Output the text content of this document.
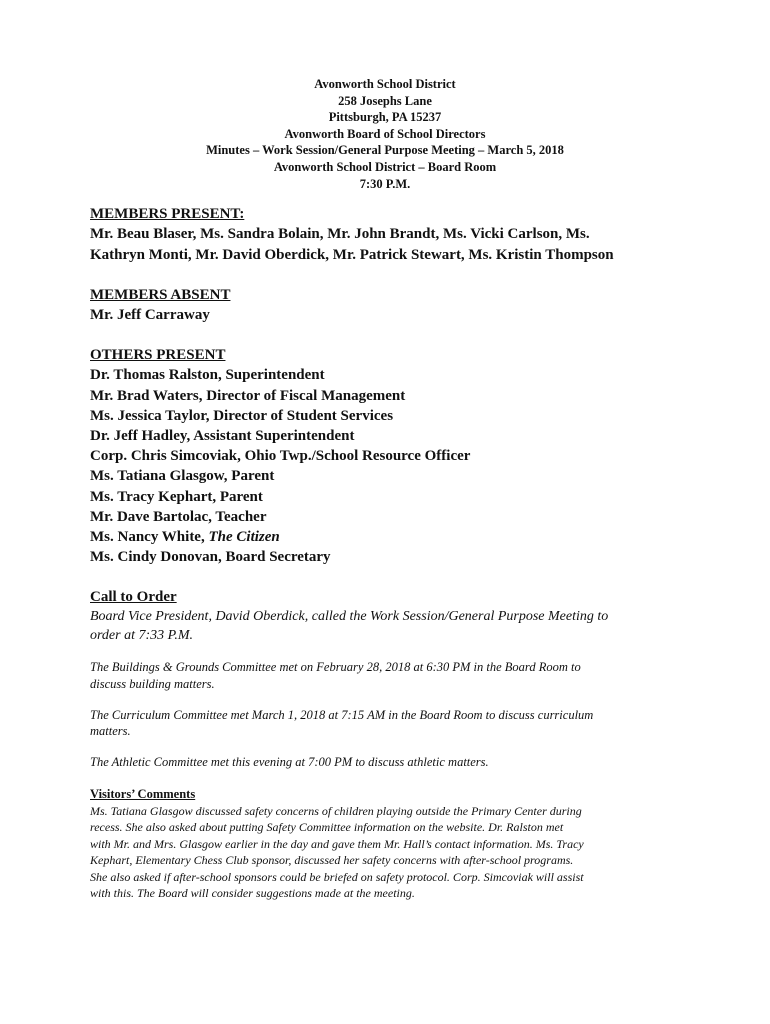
Avonworth School District
258 Josephs Lane
Pittsburgh, PA 15237
Avonworth Board of School Directors
Minutes – Work Session/General Purpose Meeting – March 5, 2018
Avonworth School District – Board Room
7:30 P.M.
MEMBERS PRESENT:
Mr. Beau Blaser, Ms. Sandra Bolain, Mr. John Brandt, Ms. Vicki Carlson, Ms.
Kathryn Monti, Mr. David Oberdick, Mr. Patrick Stewart, Ms. Kristin Thompson
MEMBERS ABSENT
Mr. Jeff Carraway
OTHERS PRESENT
Dr. Thomas Ralston, Superintendent
Mr. Brad Waters, Director of Fiscal Management
Ms. Jessica Taylor, Director of Student Services
Dr. Jeff Hadley, Assistant Superintendent
Corp. Chris Simcoviak, Ohio Twp./School Resource Officer
Ms. Tatiana Glasgow, Parent
Ms. Tracy Kephart, Parent
Mr. Dave Bartolac, Teacher
Ms. Nancy White, The Citizen
Ms. Cindy Donovan, Board Secretary
Call to Order
Board Vice President, David Oberdick, called the Work Session/General Purpose Meeting to
order at 7:33 P.M.
The Buildings & Grounds Committee met on February 28, 2018 at 6:30 PM in the Board Room to
discuss building matters.
The Curriculum Committee met March 1, 2018 at 7:15 AM in the Board Room to discuss curriculum
matters.
The Athletic Committee met this evening at 7:00 PM to discuss athletic matters.
Visitors’ Comments
Ms. Tatiana Glasgow discussed safety concerns of children playing outside the Primary Center during
recess. She also asked about putting Safety Committee information on the website. Dr. Ralston met
with Mr. and Mrs. Glasgow earlier in the day and gave them Mr. Hall’s contact information. Ms. Tracy
Kephart, Elementary Chess Club sponsor, discussed her safety concerns with after-school programs.
She also asked if after-school sponsors could be briefed on safety protocol. Corp. Simcoviak will assist
with this. The Board will consider suggestions made at the meeting.
